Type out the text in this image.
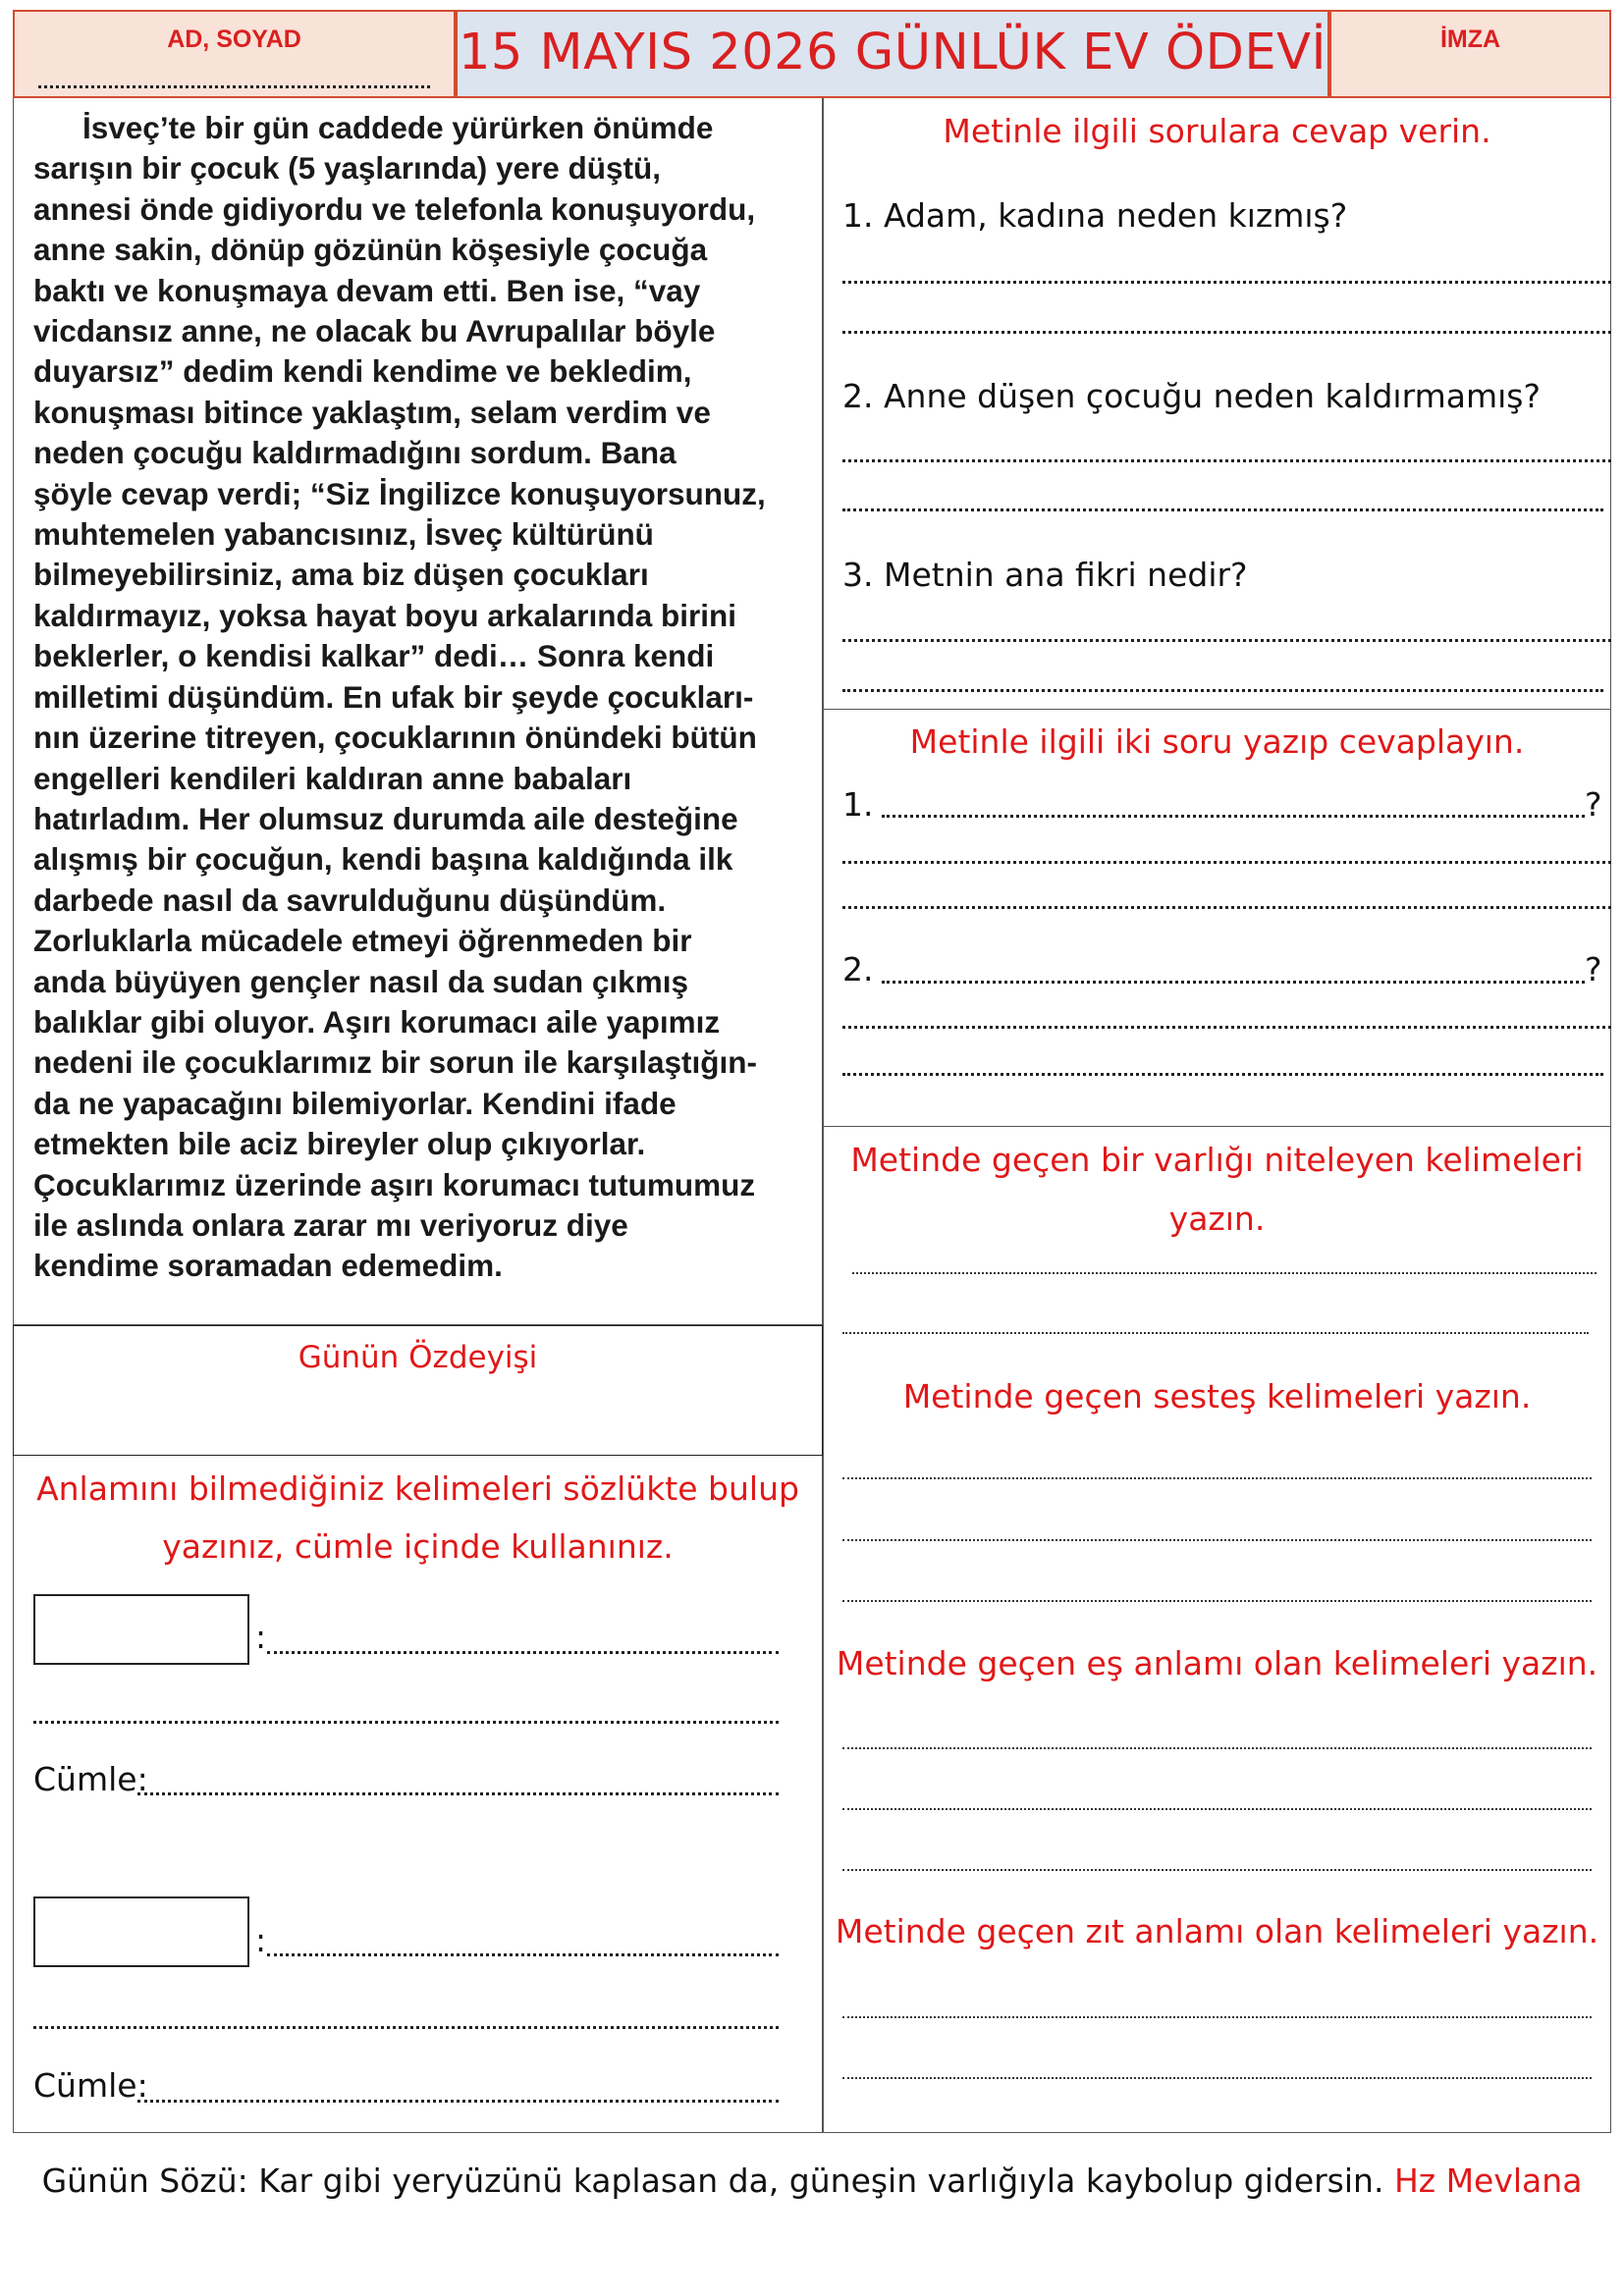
AD, SOYAD	15 MAYIS 2026 GÜNLÜK EV ÖDEVİ	İMZA

İsveç’te bir gün caddede yürürken önümde
sarışın bir çocuk (5 yaşlarında) yere düştü,
annesi önde gidiyordu ve telefonla konuşuyordu,
anne sakin, dönüp gözünün köşesiyle çocuğa
baktı ve konuşmaya devam etti. Ben ise, “vay
vicdansız anne, ne olacak bu Avrupalılar böyle
duyarsız” dedim kendi kendime ve bekledim,
konuşması bitince yaklaştım, selam verdim ve
neden çocuğu kaldırmadığını sordum. Bana
şöyle cevap verdi; “Siz İngilizce konuşuyorsunuz,
muhtemelen yabancısınız, İsveç kültürünü
bilmeyebilirsiniz, ama biz düşen çocukları
kaldırmayız, yoksa hayat boyu arkalarında birini
beklerler, o kendisi kalkar” dedi… Sonra kendi
milletimi düşündüm. En ufak bir şeyde çocukları-
nın üzerine titreyen, çocuklarının önündeki bütün
engelleri kendileri kaldıran anne babaları
hatırladım. Her olumsuz durumda aile desteğine
alışmış bir çocuğun, kendi başına kaldığında ilk
darbede nasıl da savrulduğunu düşündüm.
Zorluklarla mücadele etmeyi öğrenmeden bir
anda büyüyen gençler nasıl da sudan çıkmış
balıklar gibi oluyor. Aşırı korumacı aile yapımız
nedeni ile çocuklarımız bir sorun ile karşılaştığın-
da ne yapacağını bilemiyorlar. Kendini ifade
etmekten bile aciz bireyler olup çıkıyorlar.
Çocuklarımız üzerinde aşırı korumacı tutumumuz
ile aslında onlara zarar mı veriyoruz diye
kendime soramadan edemedim.

Günün Özdeyişi
Anlamını bilmediğiniz kelimeleri sözlükte bulup
yazınız, cümle içinde kullanınız.
:
Cümle:
:
Cümle:
Metinle ilgili sorulara cevap verin.
1. Adam, kadına neden kızmış?
2. Anne düşen çocuğu neden kaldırmamış?
3. Metnin ana fikri nedir?
Metinle ilgili iki soru yazıp cevaplayın.
1.	?
2.	?
Metinde geçen bir varlığı niteleyen kelimeleri
yazın.
Metinde geçen sesteş kelimeleri yazın.
Metinde geçen eş anlamı olan kelimeleri yazın.
Metinde geçen zıt anlamı olan kelimeleri yazın.
Günün Sözü: Kar gibi yeryüzünü kaplasan da, güneşin varlığıyla kaybolup gidersin. Hz Mevlana
